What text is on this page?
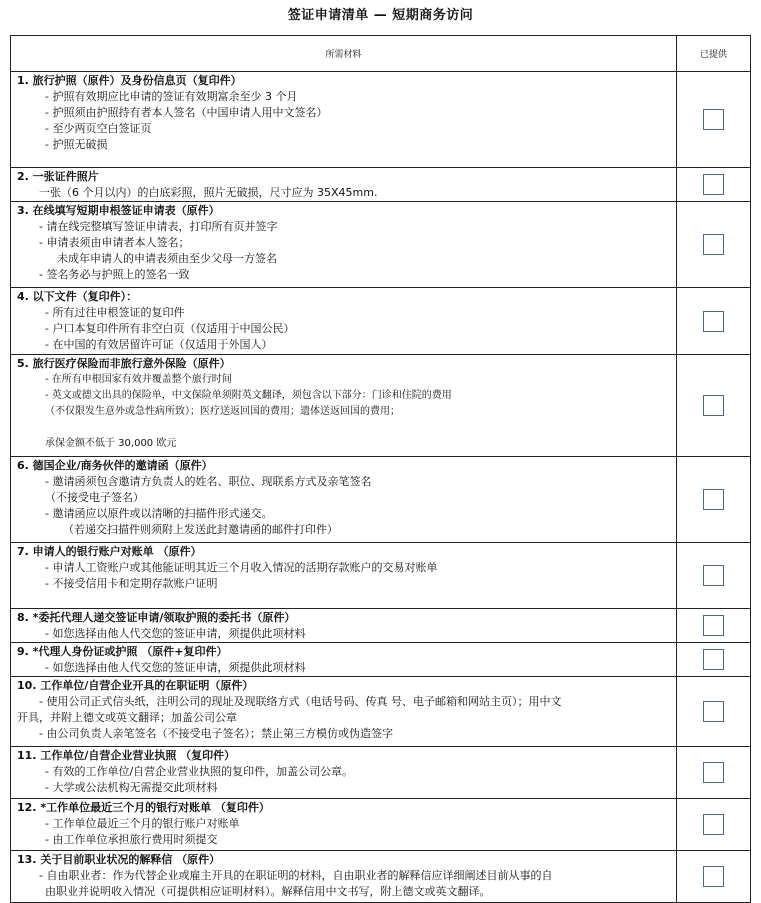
签证申请清单 — 短期商务访问
所需材料	已提供

1. 旅行护照（原件）及身份信息页（复印件）
- 护照有效期应比申请的签证有效期富余至少 3 个月
- 护照须由护照持有者本人签名（中国申请人用中文签名）
- 至少两页空白签证页
- 护照无破损	

2. 一张证件照片
一张（6 个月以内）的白底彩照，照片无破损，尺寸应为 35X45mm.	

3. 在线填写短期申根签证申请表（原件）
- 请在线完整填写签证申请表，打印所有页并签字
- 申请表须由申请者本人签名；
未成年申请人的申请表须由至少父母一方签名
- 签名务必与护照上的签名一致	

4. 以下文件（复印件）：
- 所有过往申根签证的复印件
- 户口本复印件所有非空白页（仅适用于中国公民）
- 在中国的有效居留许可证（仅适用于外国人）	

5. 旅行医疗保险而非旅行意外保险（原件）
- 在所有申根国家有效并覆盖整个旅行时间
- 英文或德文出具的保险单，中文保险单须附英文翻译，须包含以下部分：门诊和住院的费用
（不仅限发生意外或急性病所致）；医疗送返回国的费用；遗体送返回国的费用；
承保金额不低于 30,000 欧元	

6. 德国企业/商务伙伴的邀请函（原件）
- 邀请函须包含邀请方负责人的姓名、职位、现联系方式及亲笔签名
（不接受电子签名）
- 邀请函应以原件或以清晰的扫描件形式递交。
（若递交扫描件则须附上发送此封邀请函的邮件打印件）	

7. 申请人的银行账户对账单 （原件）
- 申请人工资账户或其他能证明其近三个月收入情况的活期存款账户的交易对账单
- 不接受信用卡和定期存款账户证明	

8. *委托代理人递交签证申请/领取护照的委托书（原件）
- 如您选择由他人代交您的签证申请，须提供此项材料	

9. *代理人身份证或护照 （原件+复印件）
- 如您选择由他人代交您的签证申请，须提供此项材料	

10. 工作单位/自营企业开具的在职证明（原件）
- 使用公司正式信头纸，注明公司的现址及现联络方式（电话号码、传真 号、电子邮箱和网站主页）；用中文
开具，并附上德文或英文翻译；加盖公司公章
- 由公司负责人亲笔签名（不接受电子签名）；禁止第三方模仿或伪造签字	

11. 工作单位/自营企业营业执照 （复印件）
- 有效的工作单位/自营企业营业执照的复印件，加盖公司公章。
- 大学或公法机构无需提交此项材料	

12. *工作单位最近三个月的银行对账单 （复印件）
- 工作单位最近三个月的银行账户对账单
- 由工作单位承担旅行费用时须提交	

13. 关于目前职业状况的解释信 （原件）
- 自由职业者：作为代替企业或雇主开具的在职证明的材料，自由职业者的解释信应详细阐述目前从事的自
由职业并说明收入情况（可提供相应证明材料）。解释信用中文书写，附上德文或英文翻译。	
